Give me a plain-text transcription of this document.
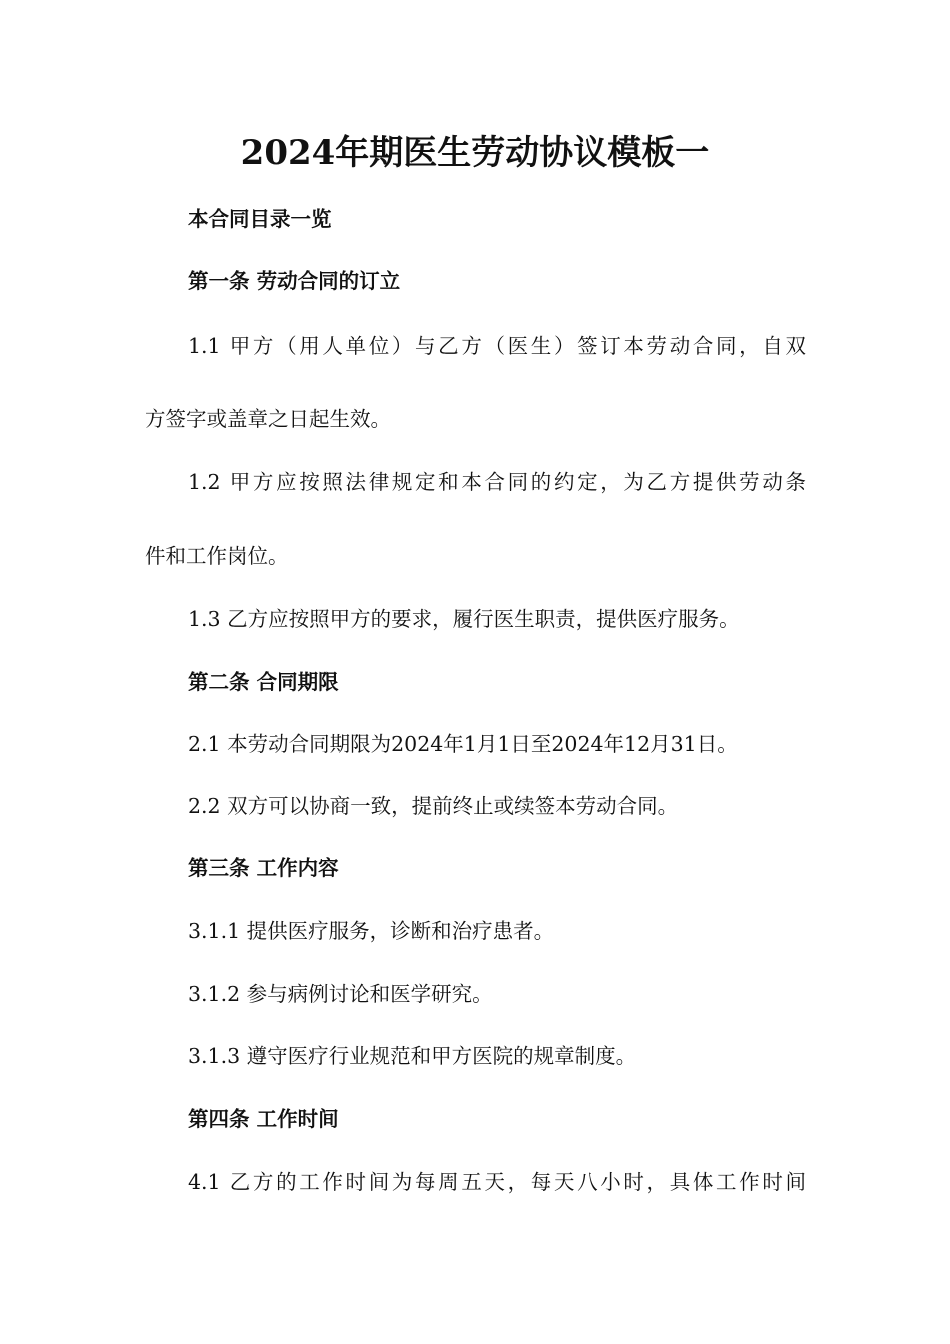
2024年期医生劳动协议模板一
本合同目录一览
第一条 劳动合同的订立
1.1 甲方（用人单位）与乙方（医生）签订本劳动合同，自双
方签字或盖章之日起生效。
1.2 甲方应按照法律规定和本合同的约定，为乙方提供劳动条
件和工作岗位。
1.3 乙方应按照甲方的要求，履行医生职责，提供医疗服务。
第二条 合同期限
2.1 本劳动合同期限为2024年1月1日至2024年12月31日。
2.2 双方可以协商一致，提前终止或续签本劳动合同。
第三条 工作内容
3.1.1 提供医疗服务，诊断和治疗患者。
3.1.2 参与病例讨论和医学研究。
3.1.3 遵守医疗行业规范和甲方医院的规章制度。
第四条 工作时间
4.1 乙方的工作时间为每周五天，每天八小时，具体工作时间
